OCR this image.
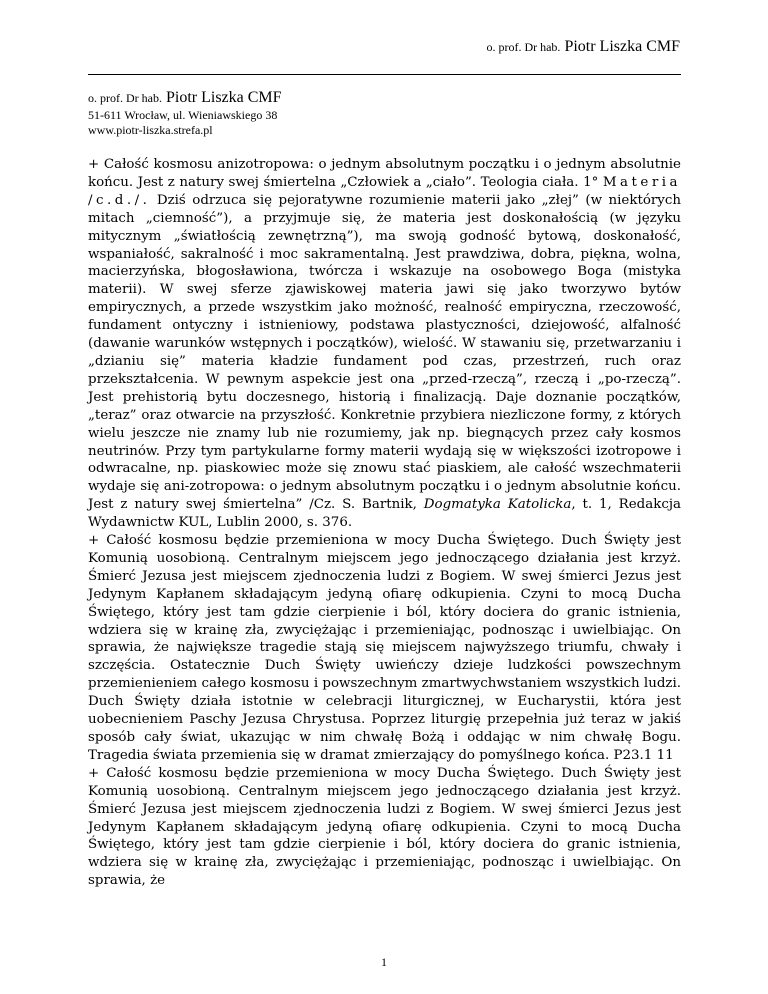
o. prof. Dr hab. Piotr Liszka CMF
o. prof. Dr hab. Piotr Liszka CMF
51-611 Wrocław, ul. Wieniawskiego 38
www.piotr-liszka.strefa.pl

+ Całość kosmosu anizotropowa: o jednym absolutnym początku i o jednym absolutnie końcu. Jest z natury swej śmiertelna „Człowiek a „ciało”. Teologia ciała. 1° Materia /c.d./. Dziś odrzuca się pejoratywne rozumienie materii jako „złej” (w niektórych mitach „ciemność”), a przyjmuje się, że materia jest doskonałością (w języku mitycznym „światłością zewnętrzną”), ma swoją godność bytową, doskonałość, wspaniałość, sakralność i moc sakramentalną. Jest prawdziwa, dobra, piękna, wolna, macierzyńska, błogosławiona, twórcza i wskazuje na osobowego Boga (mistyka materii). W swej sferze zjawiskowej materia jawi się jako tworzywo bytów empirycznych, a przede wszystkim jako możność, realność empiryczna, rzeczowość, fundament ontyczny i istnieniowy, podstawa plastyczności, dziejowość, alfalność (dawanie warunków wstępnych i początków), wielość. W stawaniu się, przetwarzaniu i „dzianiu się” materia kładzie fundament pod czas, przestrzeń, ruch oraz przekształcenia. W pewnym aspekcie jest ona „przed-rzeczą”, rzeczą i „po-rzeczą”. Jest prehistorią bytu doczesnego, historią i finalizacją. Daje doznanie początków, „teraz” oraz otwarcie na przyszłość. Konkretnie przybiera niezliczone formy, z których wielu jeszcze nie znamy lub nie rozumiemy, jak np. biegnących przez cały kosmos neutrinów. Przy tym partykularne formy materii wydają się w większości izotropowe i odwracalne, np. piaskowiec może się znowu stać piaskiem, ale całość wszechmaterii wydaje się ani-zotropowa: o jednym absolutnym początku i o jednym absolutnie końcu. Jest z natury swej śmiertelna” /Cz. S. Bartnik, Dogmatyka Katolicka, t. 1, Redakcja Wydawnictw KUL, Lublin 2000, s. 376.

+ Całość kosmosu będzie przemieniona w mocy Ducha Świętego. Duch Święty jest Komunią uosobioną. Centralnym miejscem jego jednoczącego działania jest krzyż. Śmierć Jezusa jest miejscem zjednoczenia ludzi z Bogiem. W swej śmierci Jezus jest Jedynym Kapłanem składającym jedyną ofiarę odkupienia. Czyni to mocą Ducha Świętego, który jest tam gdzie cierpienie i ból, który dociera do granic istnienia, wdziera się w krainę zła, zwyciężając i przemieniając, podnosząc i uwielbiając. On sprawia, że największe tragedie stają się miejscem najwyższego triumfu, chwały i szczęścia. Ostatecznie Duch Święty uwieńczy dzieje ludzkości powszechnym przemienieniem całego kosmosu i powszechnym zmartwychwstaniem wszystkich ludzi. Duch Święty działa istotnie w celebracji liturgicznej, w Eucharystii, która jest uobecnieniem Paschy Jezusa Chrystusa. Poprzez liturgię przepełnia już teraz w jakiś sposób cały świat, ukazując w nim chwałę Bożą i oddając w nim chwałę Bogu. Tragedia świata przemienia się w dramat zmierzający do pomyślnego końca. P23.1 11

+ Całość kosmosu będzie przemieniona w mocy Ducha Świętego. Duch Święty jest Komunią uosobioną. Centralnym miejscem jego jednoczącego działania jest krzyż. Śmierć Jezusa jest miejscem zjednoczenia ludzi z Bogiem. W swej śmierci Jezus jest Jedynym Kapłanem składającym jedyną ofiarę odkupienia. Czyni to mocą Ducha Świętego, który jest tam gdzie cierpienie i ból, który dociera do granic istnienia, wdziera się w krainę zła, zwyciężając i przemieniając, podnosząc i uwielbiając. On sprawia, że

1
